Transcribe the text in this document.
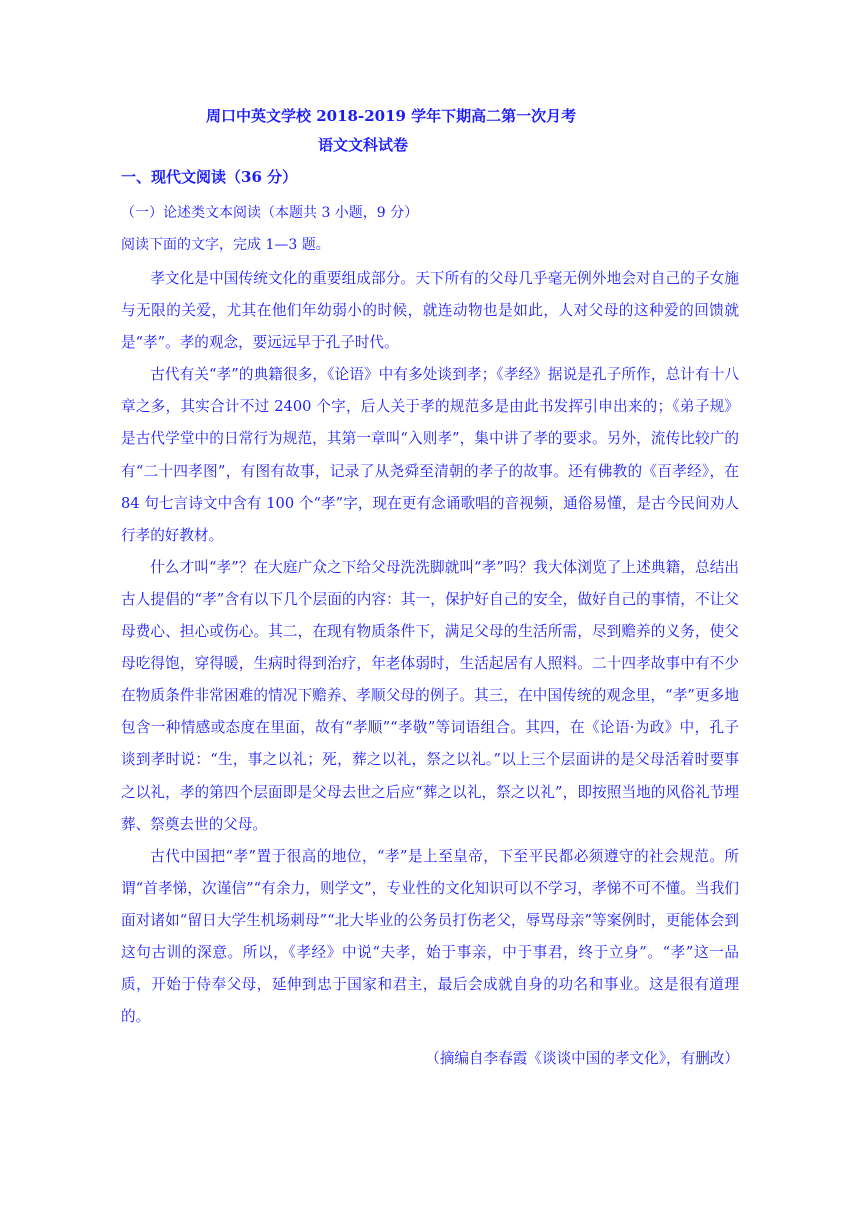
周口中英文学校 2018-2019 学年下期高二第一次月考
语文文科试卷
一、现代文阅读（36 分）
（一）论述类文本阅读（本题共 3 小题，9 分）
阅读下面的文字，完成 1—3 题。

孝文化是中国传统文化的重要组成部分。天下所有的父母几乎毫无例外地会对自己的子女施与无限的关爱，尤其在他们年幼弱小的时候，就连动物也是如此，人对父母的这种爱的回馈就是“孝”。孝的观念，要远远早于孔子时代。

古代有关“孝”的典籍很多，《论语》中有多处谈到孝；《孝经》据说是孔子所作，总计有十八章之多，其实合计不过 2400 个字，后人关于孝的规范多是由此书发挥引申出来的；《弟子规》是古代学堂中的日常行为规范，其第一章叫“入则孝”，集中讲了孝的要求。另外，流传比较广的有“二十四孝图”，有图有故事，记录了从尧舜至清朝的孝子的故事。还有佛教的《百孝经》，在 84 句七言诗文中含有 100 个“孝”字，现在更有念诵歌唱的音视频，通俗易懂，是古今民间劝人行孝的好教材。

什么才叫“孝”？在大庭广众之下给父母洗洗脚就叫“孝”吗？我大体浏览了上述典籍，总结出古人提倡的“孝”含有以下几个层面的内容：其一，保护好自己的安全，做好自己的事情，不让父母费心、担心或伤心。其二，在现有物质条件下，满足父母的生活所需，尽到赡养的义务，使父母吃得饱，穿得暖，生病时得到治疗，年老体弱时，生活起居有人照料。二十四孝故事中有不少在物质条件非常困难的情况下赡养、孝顺父母的例子。其三，在中国传统的观念里，“孝”更多地包含一种情感或态度在里面，故有“孝顺”“孝敬”等词语组合。其四，在《论语·为政》中，孔子谈到孝时说：“生，事之以礼；死，葬之以礼，祭之以礼。”以上三个层面讲的是父母活着时要事之以礼，孝的第四个层面即是父母去世之后应“葬之以礼，祭之以礼”，即按照当地的风俗礼节埋葬、祭奠去世的父母。

古代中国把“孝”置于很高的地位，“孝”是上至皇帝，下至平民都必须遵守的社会规范。所谓“首孝悌，次谨信”“有余力，则学文”，专业性的文化知识可以不学习，孝悌不可不懂。当我们面对诸如“留日大学生机场刺母”“北大毕业的公务员打伤老父，辱骂母亲”等案例时，更能体会到这句古训的深意。所以，《孝经》中说“夫孝，始于事亲，中于事君，终于立身”。“孝”这一品质，开始于侍奉父母，延伸到忠于国家和君主，最后会成就自身的功名和事业。这是很有道理的。

（摘编自李春霞《谈谈中国的孝文化》，有删改）
